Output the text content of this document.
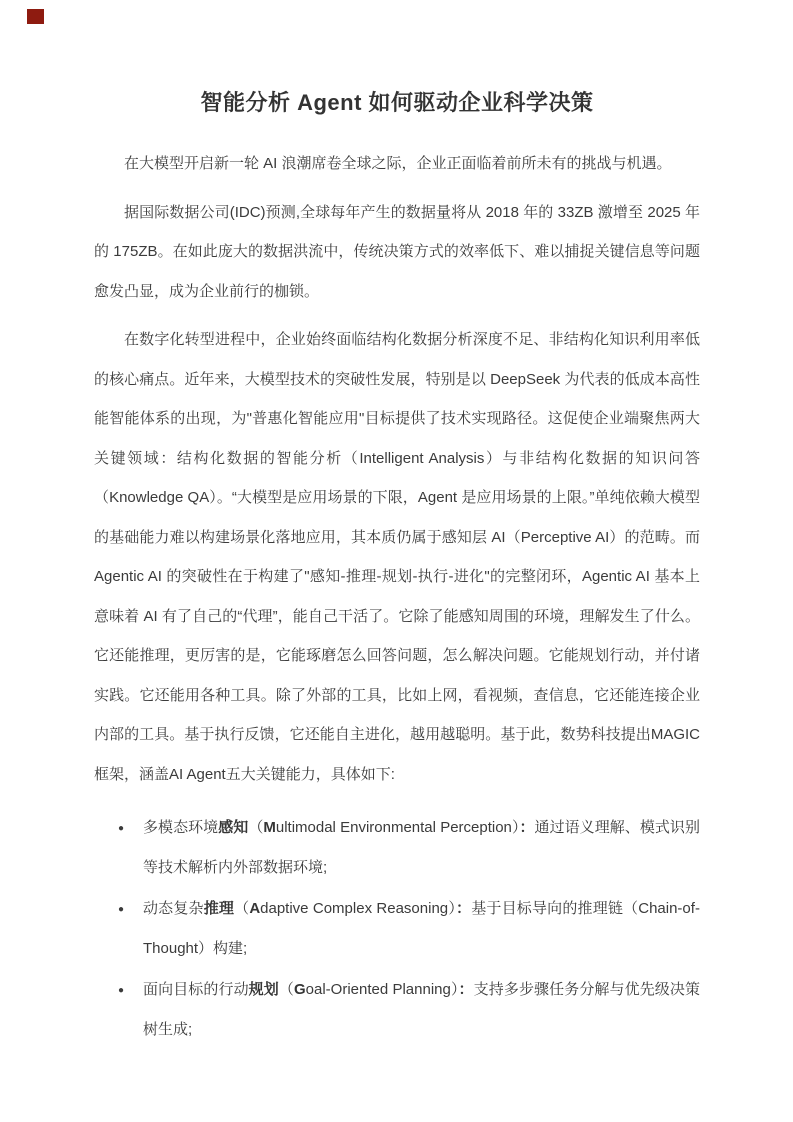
智能分析 Agent 如何驱动企业科学决策

在大模型开启新一轮 AI 浪潮席卷全球之际，企业正面临着前所未有的挑战与机遇。

据国际数据公司(IDC)预测,全球每年产生的数据量将从 2018 年的 33ZB 激增至 2025 年的 175ZB。在如此庞大的数据洪流中，传统决策方式的效率低下、难以捕捉关键信息等问题愈发凸显，成为企业前行的枷锁。

在数字化转型进程中，企业始终面临结构化数据分析深度不足、非结构化知识利用率低的核心痛点。近年来，大模型技术的突破性发展，特别是以 DeepSeek 为代表的低成本高性能智能体系的出现，为"普惠化智能应用"目标提供了技术实现路径。这促使企业端聚焦两大关键领域：结构化数据的智能分析（Intelligent Analysis）与非结构化数据的知识问答（Knowledge QA）。“大模型是应用场景的下限，Agent 是应用场景的上限。”单纯依赖大模型的基础能力难以构建场景化落地应用，其本质仍属于感知层 AI（Perceptive AI）的范畴。而 Agentic AI 的突破性在于构建了"感知-推理-规划-执行-进化"的完整闭环，Agentic AI 基本上意味着 AI 有了自己的“代理”，能自己干活了。它除了能感知周围的环境，理解发生了什么。它还能推理，更厉害的是，它能琢磨怎么回答问题，怎么解决问题。它能规划行动，并付诸实践。它还能用各种工具。除了外部的工具，比如上网，看视频，查信息，它还能连接企业内部的工具。基于执行反馈，它还能自主进化，越用越聪明。基于此，数势科技提出MAGIC框架，涵盖AI Agent五大关键能力，具体如下:

● 多模态环境感知（Multimodal Environmental Perception）：通过语义理解、模式识别等技术解析内外部数据环境;
● 动态复杂推理（Adaptive Complex Reasoning）：基于目标导向的推理链（Chain-of-Thought）构建;
● 面向目标的行动规划（Goal-Oriented Planning）：支持多步骤任务分解与优先级决策树生成;
